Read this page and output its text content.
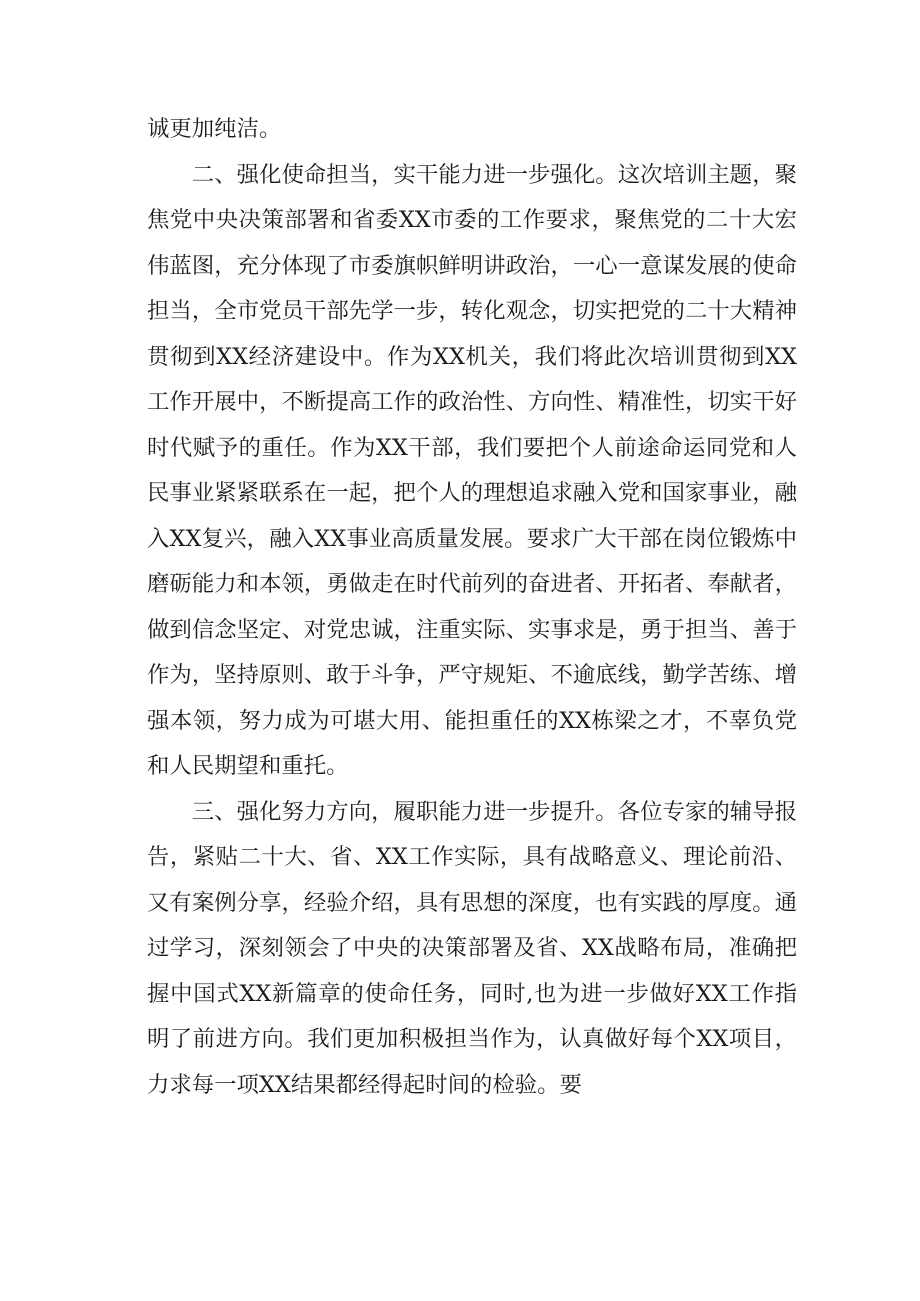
诚更加纯洁。

二、强化使命担当，实干能力进一步强化。这次培训主题，聚焦党中央决策部署和省委XX市委的工作要求，聚焦党的二十大宏伟蓝图，充分体现了市委旗帜鲜明讲政治，一心一意谋发展的使命担当，全市党员干部先学一步，转化观念，切实把党的二十大精神贯彻到XX经济建设中。作为XX机关，我们将此次培训贯彻到XX工作开展中，不断提高工作的政治性、方向性、精准性，切实干好时代赋予的重任。作为XX干部，我们要把个人前途命运同党和人民事业紧紧联系在一起，把个人的理想追求融入党和国家事业，融入XX复兴，融入XX事业高质量发展。要求广大干部在岗位锻炼中磨砺能力和本领，勇做走在时代前列的奋进者、开拓者、奉献者，做到信念坚定、对党忠诚，注重实际、实事求是，勇于担当、善于作为，坚持原则、敢于斗争，严守规矩、不逾底线，勤学苦练、增强本领，努力成为可堪大用、能担重任的XX栋梁之才，不辜负党和人民期望和重托。

三、强化努力方向，履职能力进一步提升。各位专家的辅导报告，紧贴二十大、省、XX工作实际，具有战略意义、理论前沿、又有案例分享，经验介绍，具有思想的深度，也有实践的厚度。通过学习，深刻领会了中央的决策部署及省、XX战略布局，准确把握中国式XX新篇章的使命任务，同时,也为进一步做好XX工作指明了前进方向。我们更加积极担当作为，认真做好每个XX项目，力求每一项XX结果都经得起时间的检验。要
